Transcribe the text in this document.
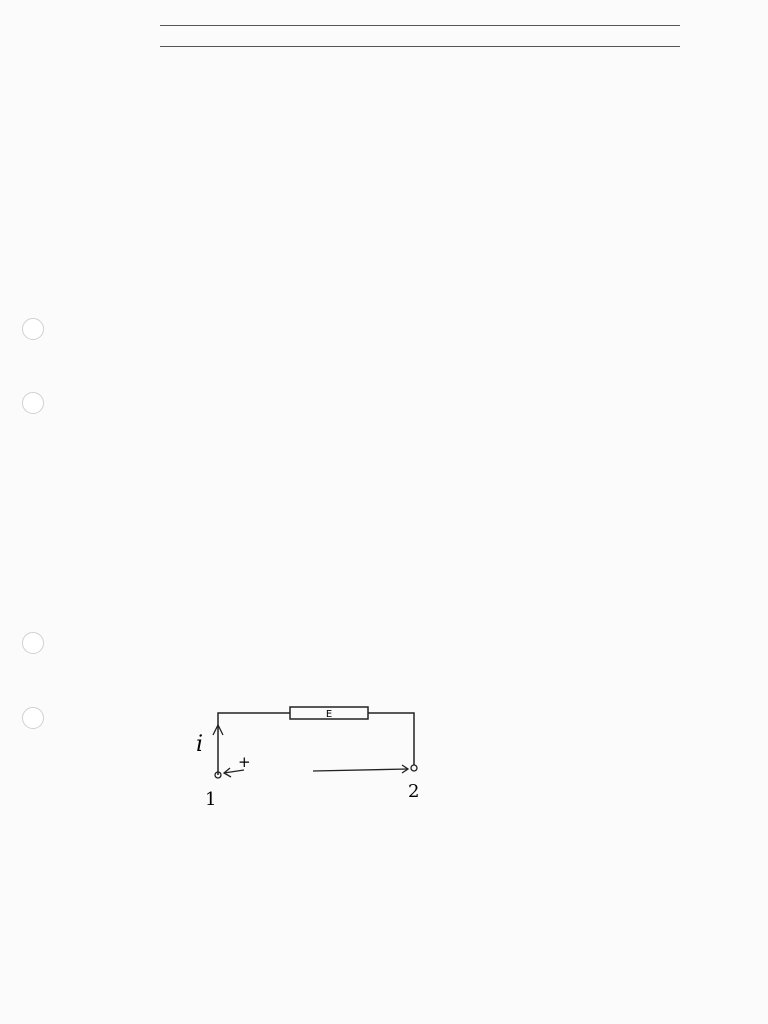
E
i
+
1	2
